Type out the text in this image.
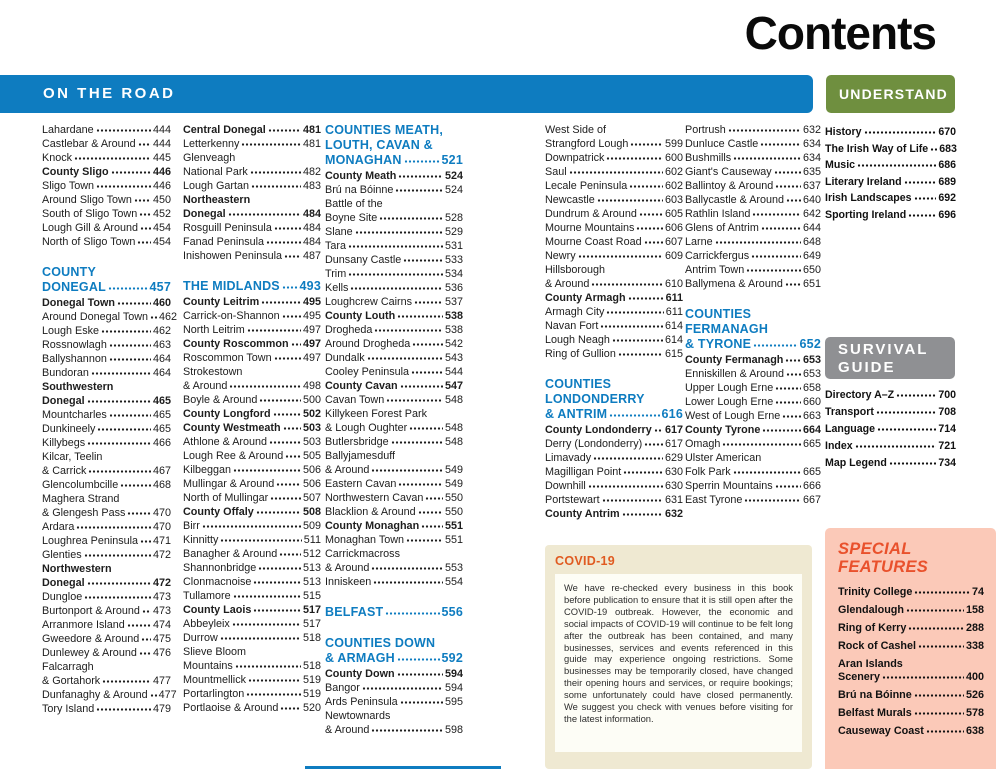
Contents
ON THE ROAD	UNDERSTAND
Lahardane	444
Castlebar & Around 444
Knock	445
County Sligo	446
Sligo Town	446
Around Sligo Town 450
South of Sligo Town 452
Lough Gill & Around 454
North of Sligo Town 454
COUNTY
DONEGAL	457
Donegal Town	460
Around Donegal Town 462
Lough Eske	462
Rossnowlagh	463
Ballyshannon	464
Bundoran	464
Southwestern
Donegal	465
Mountcharles	465
Dunkineely	465
Killybegs	466
Kilcar, Teelin
& Carrick	467
Glencolumbcille	468
Maghera Strand
& Glengesh Pass	470
Ardara	470
Loughrea Peninsula 471
Glenties	472
Northwestern
Donegal	472
Dungloe	473
Burtonport & Around 473
Arranmore Island	474
Gweedore & Around 475
Dunlewey & Around 476
Falcarragh
& Gortahork	477
Dunfanaghy & Around 477
Tory Island	479
Central Donegal	481
Letterkenny	481
Glenveagh
National Park	482
Lough Gartan	483
Northeastern
Donegal	484
Rosguill Peninsula	484
Fanad Peninsula	484
Inishowen Peninsula 487
THE MIDLANDS 493
County Leitrim	495
Carrick-on-Shannon 495
North Leitrim	497
County Roscommon 497
Roscommon Town	497
Strokestown
& Around	498
Boyle & Around	500
County Longford	502
County Westmeath 503
Athlone & Around	503
Lough Ree & Around 505
Kilbeggan	506
Mullingar & Around	506
North of Mullingar	507
County Offaly	508
Birr	509
Kinnitty	511
Banagher & Around 512
Shannonbridge	513
Clonmacnoise	513
Tullamore	515
County Laois	517
Abbeyleix	517
Durrow	518
Slieve Bloom
Mountains	518
Mountmellick	519
Portarlington	519
Portlaoise & Around 520
COUNTIES MEATH,
LOUTH, CAVAN &
MONAGHAN	521
County Meath	524
Brú na Bóinne	524
Battle of the
Boyne Site	528
Slane	529
Tara	531
Dunsany Castle	533
Trim	534
Kells	536
Loughcrew Cairns	537
County Louth	538
Drogheda	538
Around Drogheda	542
Dundalk	543
Cooley Peninsula	544
County Cavan	547
Cavan Town	548
Killykeen Forest Park
& Lough Oughter	548
Butlersbridge	548
Ballyjamesduff
& Around	549
Eastern Cavan	549
Northwestern Cavan 550
Blacklion & Around	550
County Monaghan 551
Monaghan Town	551
Carrickmacross
& Around	553
Inniskeen	554
BELFAST	556
COUNTIES DOWN
& ARMAGH	592
County Down	594
Bangor	594
Ards Peninsula	595
Newtownards
& Around	598
West Side of
Strangford Lough	599
Downpatrick	600
Saul	602
Lecale Peninsula	602
Newcastle	603
Dundrum & Around	605
Mourne Mountains	606
Mourne Coast Road 607
Newry	609
Hillsborough
& Around	610
County Armagh	611
Armagh City	611
Navan Fort	614
Lough Neagh	614
Ring of Gullion	615
COUNTIES
LONDONDERRY
& ANTRIM	616
County Londonderry 617
Derry (Londonderry) 617
Limavady	629
Magilligan Point	630
Downhill	630
Portstewart	631
County Antrim	632
Portrush	632
Dunluce Castle	634
Bushmills	634
Giant's Causeway	635
Ballintoy & Around	637
Ballycastle & Around 640
Rathlin Island	642
Glens of Antrim	644
Larne	648
Carrickfergus	649
Antrim Town	650
Ballymena & Around 651
COUNTIES
FERMANAGH
& TYRONE	652
County Fermanagh 653
Enniskillen & Around 653
Upper Lough Erne	658
Lower Lough Erne	660
West of Lough Erne 663
County Tyrone	664
Omagh	665
Ulster American
Folk Park	665
Sperrin Mountains	666
East Tyrone	667
History	670
The Irish Way of Life 683
Music	686
Literary Ireland	689
Irish Landscapes	692
Sporting Ireland	696
SURVIVAL
GUIDE
Directory A–Z	700
Transport	708
Language	714
Index	721
Map Legend	734
COVID-19
We have re-checked every business in this book before publication to ensure that it is still open after the COVID-19 outbreak. However, the economic and social impacts of COVID-19 will continue to be felt long after the outbreak has been contained, and many businesses, services and events referenced in this guide may experience ongoing restrictions. Some businesses may be temporarily closed, have changed their opening hours and services, or require bookings; some unfortunately could have closed permanently. We suggest you check with venues before visiting for the latest information.
SPECIAL
FEATURES
Trinity College	74
Glendalough	158
Ring of Kerry	288
Rock of Cashel	338
Aran Islands
Scenery	400
Brú na Bóinne	526
Belfast Murals	578
Causeway Coast	638
